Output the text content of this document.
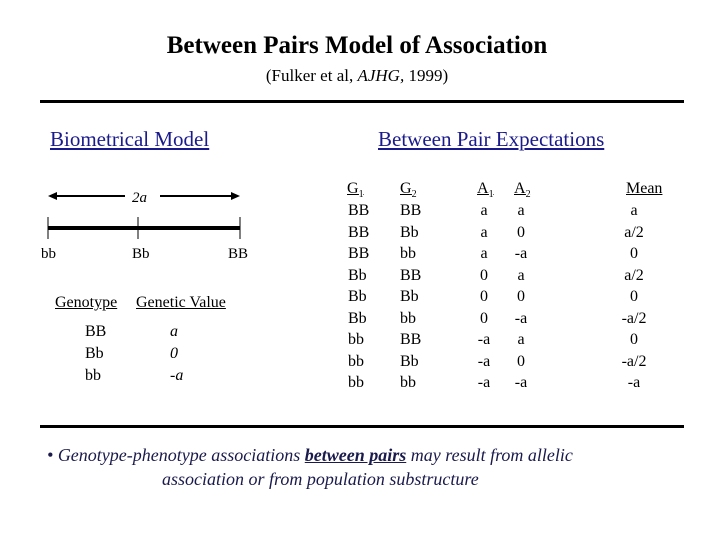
Between Pairs Model of Association
(Fulker et al, AJHG, 1999)
Biometrical Model	Between Pair Expectations
2a
bb	Bb	BB
Genotype Genetic Value
BB	a
Bb	0
bb	-a
$G_1$ $G_2$	$A_1$ $A_2$	Mean
BB BB	a	a	a
BB Bb	a	0	a/2
BB bb	a	-a	0
Bb BB	0	a	a/2
Bb Bb	0	0	0
Bb bb	0	-a	-a/2
bb BB	-a	a	0
bb Bb	-a	0	-a/2
bb bb	-a	-a	-a
• Genotype-phenotype associations between pairs may result from allelic
association or from population substructure
